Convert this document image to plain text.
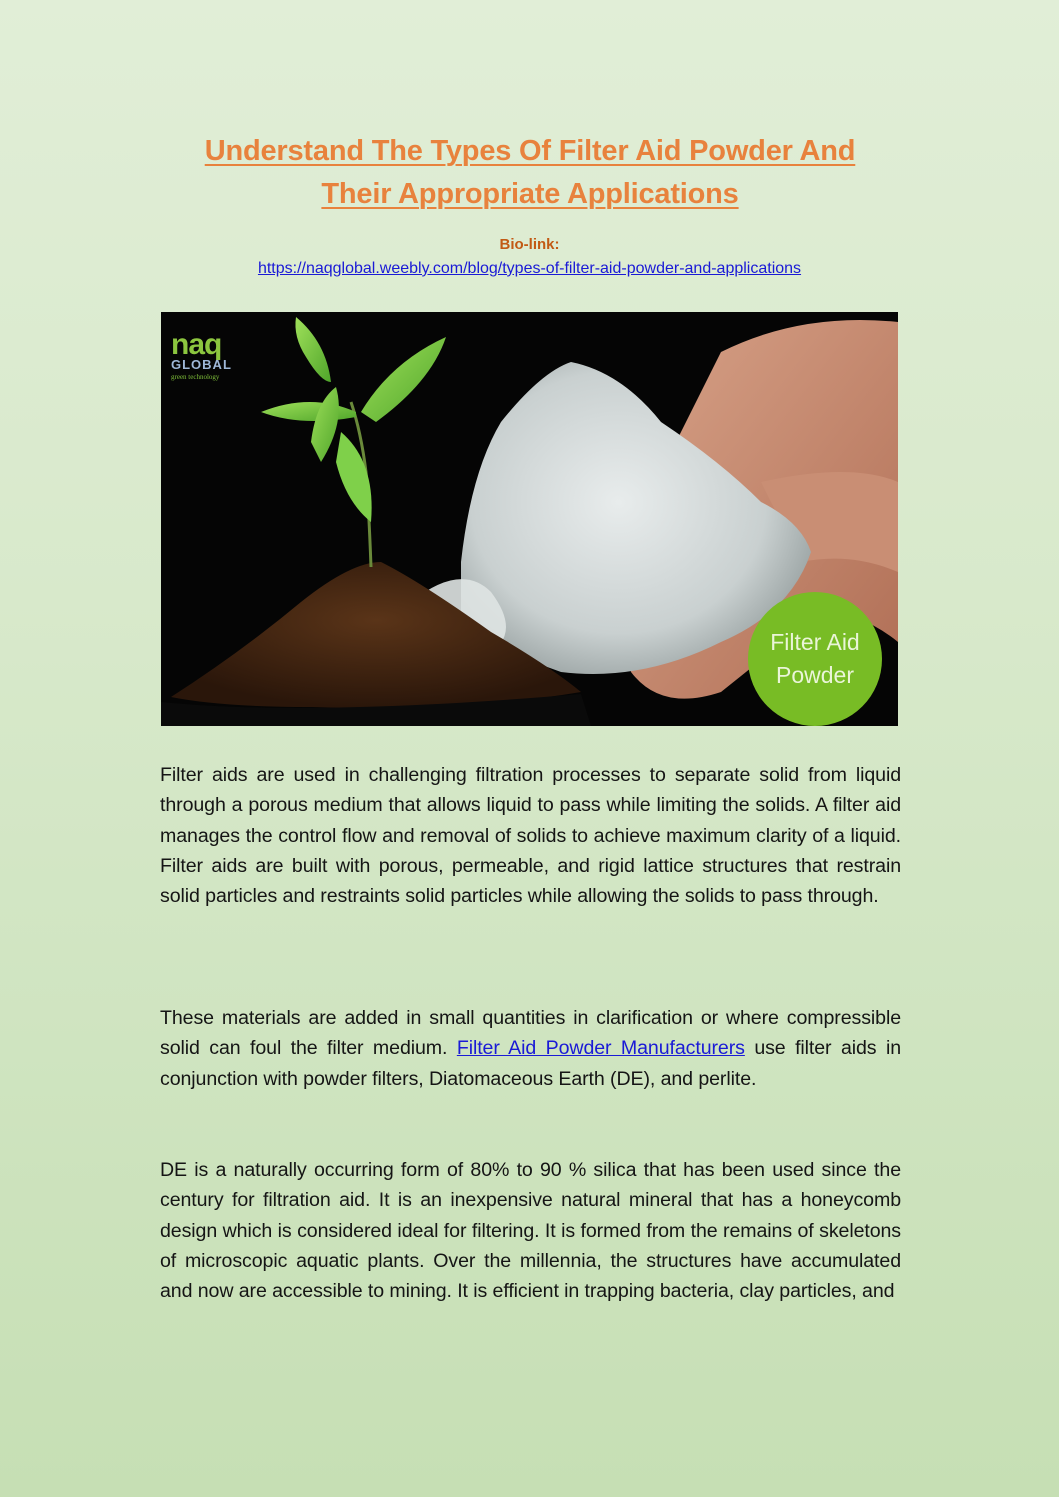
Understand The Types Of Filter Aid Powder And
Their Appropriate Applications
Bio-link:
https://naqglobal.weebly.com/blog/types-of-filter-aid-powder-and-applications
naq
GLOBAL
green technology
Filter Aid
Powder

Filter aids are used in challenging filtration processes to separate solid from liquid through a porous medium that allows liquid to pass while limiting the solids. A filter aid manages the control flow and removal of solids to achieve maximum clarity of a liquid. Filter aids are built with porous, permeable, and rigid lattice structures that restrain solid particles and restraints solid particles while allowing the solids to pass through.

These materials are added in small quantities in clarification or where compressible solid can foul the filter medium. Filter Aid Powder Manufacturers use filter aids in conjunction with powder filters, Diatomaceous Earth (DE), and perlite.

DE is a naturally occurring form of 80% to 90 % silica that has been used since the century for filtration aid. It is an inexpensive natural mineral that has a honeycomb design which is considered ideal for filtering. It is formed from the remains of skeletons of microscopic aquatic plants. Over the millennia, the structures have accumulated and now are accessible to mining. It is efficient in trapping bacteria, clay particles, and
